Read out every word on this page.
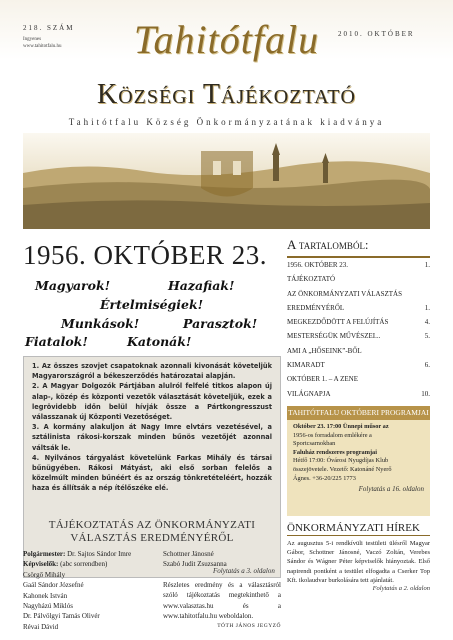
218. SZÁM
Ingyenes
www.tahitotfalu.hu
2010. OKTÓBER
Tahitótfalu
Községi Tájékoztató
Tahitótfalu Község Önkormányzatának kiadványa
1956. OKTÓBER 23.
Magyarok!	Hazafiak!
Értelmiségiek!
Munkások!	Parasztok!
Fiatalok!	Katonák!
1. Az összes szovjet csapatoknak azonnali kivonását követeljük Magyarországról a békeszerződés határozatai alapján.
2. A Magyar Dolgozók Pártjában alulról felfelé titkos alapon új alap-, közép és központi vezetők választását követeljük, ezek a legrövidebb időn belül hívják össze a Pártkongresszust válasszanak új Központi Vezetőséget.
3. A kormány alakuljon át Nagy Imre elvtárs vezetésével, a sztálinista rákosi-korszak minden bűnös vezetőjét azonnal váltsák le.
4. Nyilvános tárgyalást követelünk Farkas Mihály és társai bűnügyében. Rákosi Mátyást, aki első sorban felelős a közelmúlt minden bűnéért és az ország tönkretételéért, hozzák haza és állítsák a nép ítélőszéke elé.
Folytatás a 3. oldalon
TÁJÉKOZTATÁS AZ ÖNKORMÁNYZATI VÁLASZTÁS EREDMÉNYÉRŐL
Polgármester: Dr. Sajtos Sándor Imre
Képviselők: (abc sorrendben)
Csörgő Mihály
Gaál Sándor Józsefné
Kahonek István
Nagyházú Miklós
Dr. Pálvölgyi Tamás Olivér
Révai Dávid
Schottner Jánosné
Szabó Judit Zsuzsanna
Részletes eredmény és a választásról szóló tájékoztatás megtekinthető a www.valasztas.hu és a www.tahitotfalu.hu weboldalon.
TÓTH JÁNOS JEGYZŐ
A tartalomból:
1956. OKTÓBER 23.	1.
TÁJÉKOZTATÓ
AZ ÖNKORMÁNYZATI VÁLASZTÁS
EREDMÉNYÉRŐL	1.
MEGKEZDŐDÖTT A FELÚJÍTÁS	4.
MESTERSÉGÜK MŰVÉSZEI...	5.
AMI A „HŐSEINK”-BŐL
KIMARADT	6.
OKTÓBER 1. – A ZENE
VILÁGNAPJA	10.
TAHITÓTFALU OKTÓBERI PROGRAMJAI
Október 23. 17:00 Ünnepi műsor az
1956-os forradalom emlékére a
Sportcsarnokban
Faluház rendszeres programjai
Hétfő 17:00: Óvárosi Nyugdíjas Klub
összejövetele. Vezető: Katonáné Nyerő
Ágnes. +36-20/225 1773
Folytatás a 16. oldalon
ÖNKORMÁNYZATI HÍREK
Az augusztus 5-i rendkívüli testületi ülésről Magyar Gábor, Schottner Jánosné, Vaczó Zoltán, Verebes Sándor és Wágner Péter képviselők hiányoztak. Első napirendi pontként a testület elfogadta a Cserker Top Kft. ikolaudvar burkolására tett ajánlatát.
Folytatás a 2. oldalon
